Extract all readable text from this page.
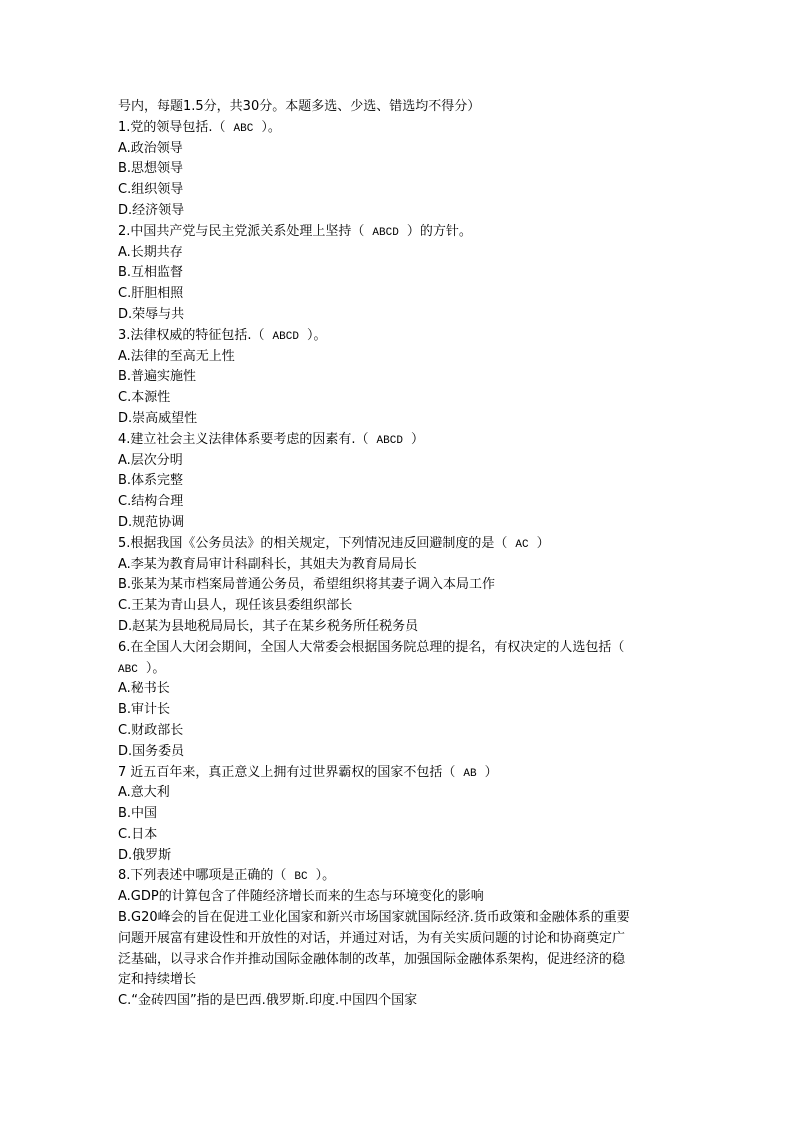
号内，每题1.5分，共30分。本题多选、少选、错选均不得分）
1.党的领导包括.（ ABC ）。
A.政治领导
B.思想领导
C.组织领导
D.经济领导
2.中国共产党与民主党派关系处理上坚持（ ABCD ）的方针。
A.长期共存
B.互相监督
C.肝胆相照
D.荣辱与共
3.法律权威的特征包括.（ ABCD ）。
A.法律的至高无上性
B.普遍实施性
C.本源性
D.崇高威望性
4.建立社会主义法律体系要考虑的因素有.（ ABCD ）
A.层次分明
B.体系完整
C.结构合理
D.规范协调
5.根据我国《公务员法》的相关规定，下列情况违反回避制度的是（ AC ）
A.李某为教育局审计科副科长，其姐夫为教育局局长
B.张某为某市档案局普通公务员，希望组织将其妻子调入本局工作
C.王某为青山县人，现任该县委组织部长
D.赵某为县地税局局长，其子在某乡税务所任税务员
6.在全国人大闭会期间，全国人大常委会根据国务院总理的提名，有权决定的人选包括（
ABC ）。
A.秘书长
B.审计长
C.财政部长
D.国务委员
7 近五百年来，真正意义上拥有过世界霸权的国家不包括（ AB ）
A.意大利
B.中国
C.日本
D.俄罗斯
8.下列表述中哪项是正确的（ BC ）。
A.GDP的计算包含了伴随经济增长而来的生态与环境变化的影响
B.G20峰会的旨在促进工业化国家和新兴市场国家就国际经济.货币政策和金融体系的重要
问题开展富有建设性和开放性的对话，并通过对话，为有关实质问题的讨论和协商奠定广
泛基础，以寻求合作并推动国际金融体制的改革，加强国际金融体系架构，促进经济的稳
定和持续增长
C.“金砖四国”指的是巴西.俄罗斯.印度.中国四个国家
